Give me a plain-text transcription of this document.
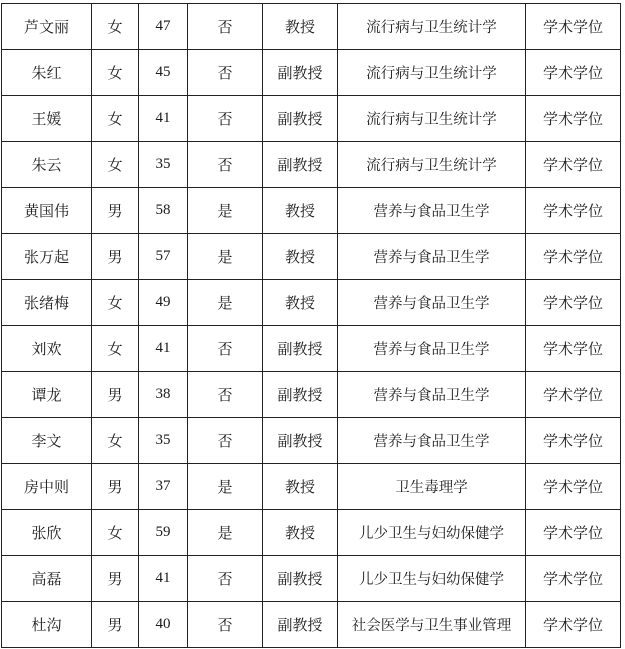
芦文丽	女	47	否	教授	流行病与卫生统计学	学术学位
朱红	女	45	否	副教授	流行病与卫生统计学	学术学位
王媛	女	41	否	副教授	流行病与卫生统计学	学术学位
朱云	女	35	否	副教授	流行病与卫生统计学	学术学位
黄国伟	男	58	是	教授	营养与食品卫生学	学术学位
张万起	男	57	是	教授	营养与食品卫生学	学术学位
张绪梅	女	49	是	教授	营养与食品卫生学	学术学位
刘欢	女	41	否	副教授	营养与食品卫生学	学术学位
谭龙	男	38	否	副教授	营养与食品卫生学	学术学位
李文	女	35	否	副教授	营养与食品卫生学	学术学位
房中则	男	37	是	教授	卫生毒理学	学术学位
张欣	女	59	是	教授	儿少卫生与妇幼保健学	学术学位
高磊	男	41	否	副教授	儿少卫生与妇幼保健学	学术学位
杜沟	男	40	否	副教授	社会医学与卫生事业管理	学术学位
